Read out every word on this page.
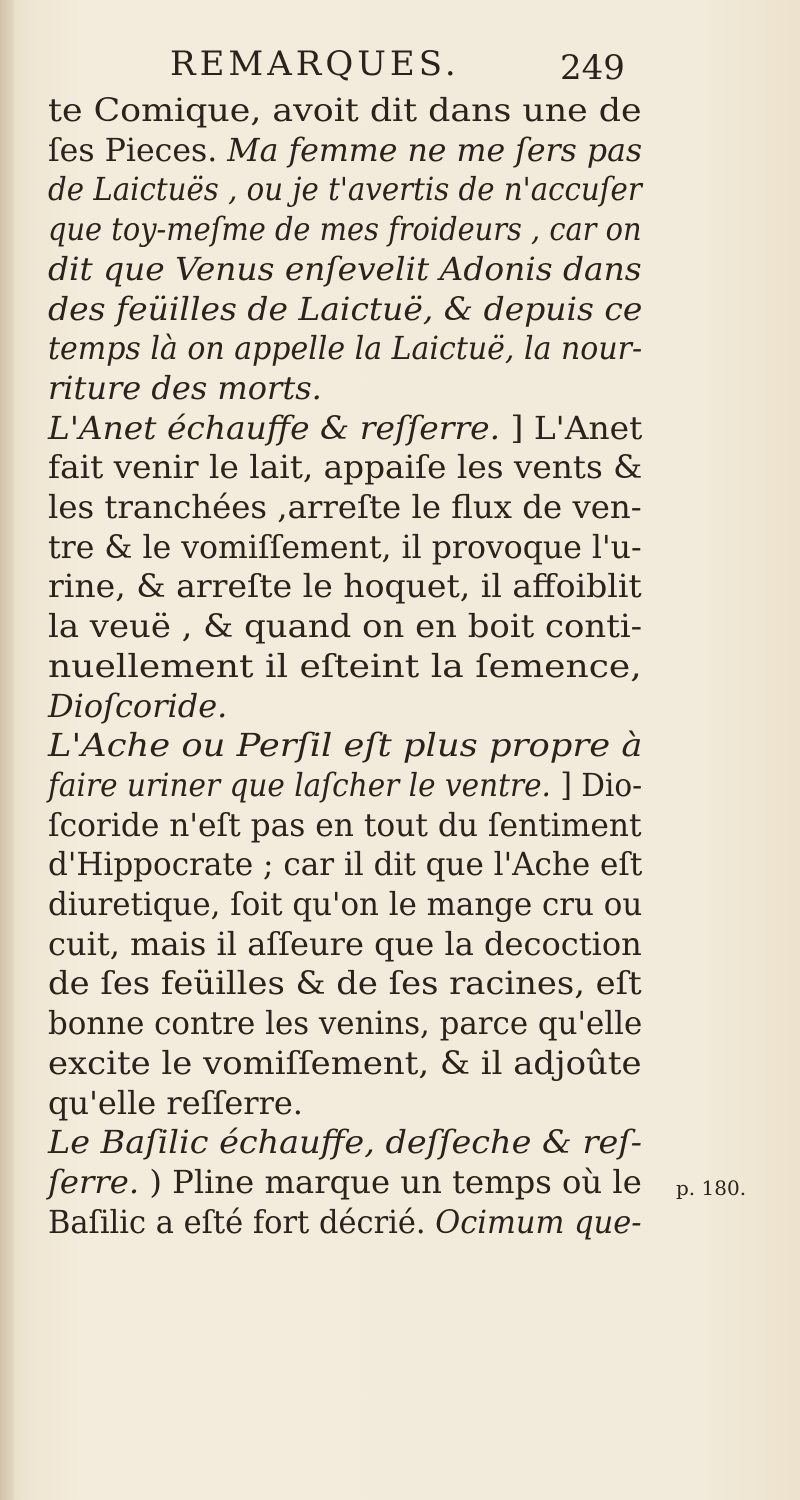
REMARQUES.	249
te Comique, avoit dit dans une de
ſes Pieces. Ma femme ne me ſers pas
de Laictuës , ou je t'avertis de n'accuſer
que toy-meſme de mes froideurs , car on
dit que Venus enſevelit Adonis dans
des feüilles de Laictuë, & depuis ce
temps là on appelle la Laictuë, la nour-
riture des morts.
L'Anet échauffe & reſſerre. ] L'Anet
fait venir le lait, appaiſe les vents &
les tranchées ,arreſte le flux de ven-
tre & le vomiſſement, il provoque l'u-
rine, & arreſte le hoquet, il affoiblit
la veuë , & quand on en boit conti-
nuellement il eſteint la ſemence,
Dioſcoride.
L'Ache ou Perſil eſt plus propre à
faire uriner que laſcher le ventre. ] Dio-
ſcoride n'eſt pas en tout du ſentiment
d'Hippocrate ; car il dit que l'Ache eſt
diuretique, ſoit qu'on le mange cru ou
cuit, mais il aſſeure que la decoction
de ſes feüilles & de ſes racines, eſt
bonne contre les venins, parce qu'elle
excite le vomiſſement, & il adjoûte
qu'elle reſſerre.
Le Baſilic échauffe, deſſeche & reſ-
ſerre. ) Pline marque un temps où le
Baſilic a eſté fort décrié. Ocimum que-
p. 180.
